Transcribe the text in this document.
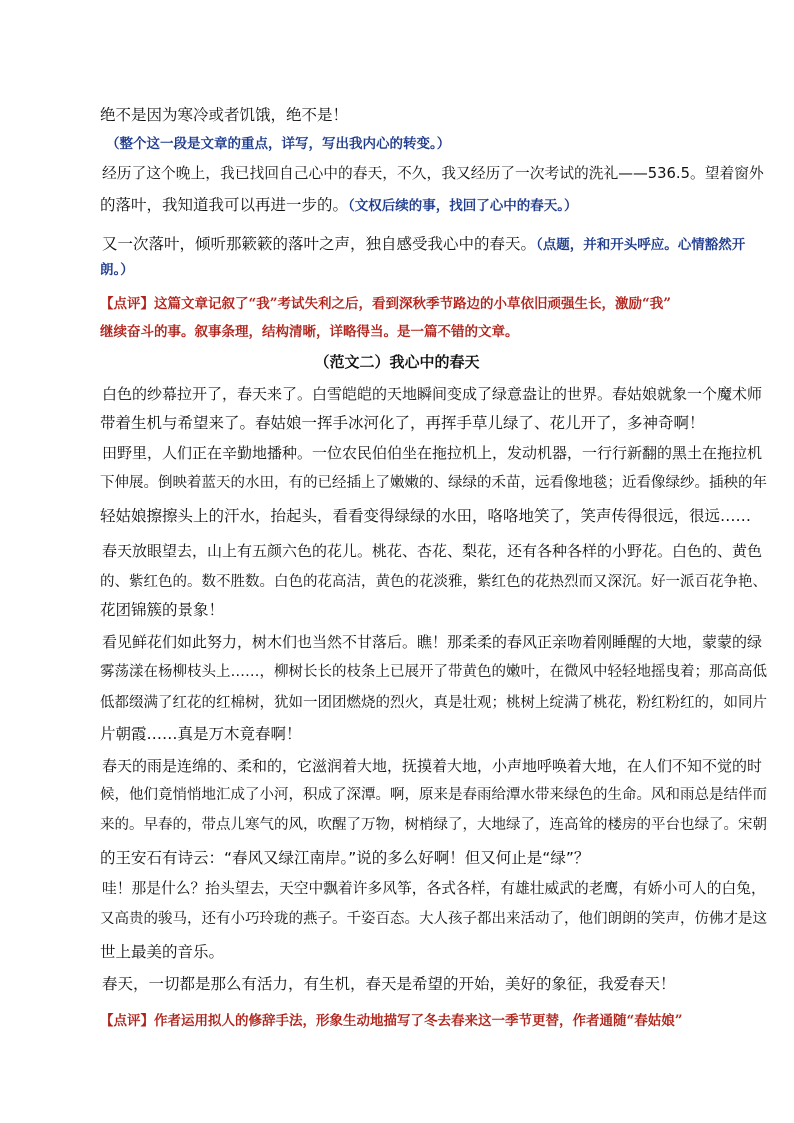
绝不是因为寒冷或者饥饿，绝不是！
（整个这一段是文章的重点，详写，写出我内心的转变。）
经历了这个晚上，我已找回自己心中的春天，不久，我又经历了一次考试的洗礼——536.5。望着窗外
的落叶，我知道我可以再进一步的。（文权后续的事，找回了心中的春天。）
又一次落叶，倾听那簌簌的落叶之声，独自感受我心中的春天。（点题，并和开头呼应。心情豁然开
朗。）
【点评】这篇文章记叙了“我”考试失利之后，看到深秋季节路边的小草依旧顽强生长，激励“我”
继续奋斗的事。叙事条理，结构清晰，详略得当。是一篇不错的文章。
（范文二）我心中的春天
白色的纱幕拉开了，春天来了。白雪皑皑的天地瞬间变成了绿意盎让的世界。春姑娘就象一个魔术师
带着生机与希望来了。春姑娘一挥手冰河化了，再挥手草儿绿了、花儿开了，多神奇啊！
田野里，人们正在辛勤地播种。一位农民伯伯坐在拖拉机上，发动机器，一行行新翻的黑土在拖拉机
下伸展。倒映着蓝天的水田，有的已经插上了嫩嫩的、绿绿的禾苗，远看像地毯；近看像绿纱。插秧的年
轻姑娘擦擦头上的汗水，抬起头，看看变得绿绿的水田，咯咯地笑了，笑声传得很远，很远……
春天放眼望去，山上有五颜六色的花儿。桃花、杏花、梨花，还有各种各样的小野花。白色的、黄色
的、紫红色的。数不胜数。白色的花高洁，黄色的花淡雅，紫红色的花热烈而又深沉。好一派百花争艳、
花团锦簇的景象！
看见鲜花们如此努力，树木们也当然不甘落后。瞧！那柔柔的春风正亲吻着刚睡醒的大地，蒙蒙的绿
雾荡漾在杨柳枝头上……，柳树长长的枝条上已展开了带黄色的嫩叶，在微风中轻轻地摇曳着；那高高低
低都缀满了红花的红棉树，犹如一团团燃烧的烈火，真是壮观；桃树上绽满了桃花，粉红粉红的，如同片
片朝霞……真是万木竟春啊！
春天的雨是连绵的、柔和的，它滋润着大地，抚摸着大地，小声地呼唤着大地，在人们不知不觉的时
候，他们竟悄悄地汇成了小河，积成了深潭。啊，原来是春雨给潭水带来绿色的生命。风和雨总是结伴而
来的。早春的，带点儿寒气的风，吹醒了万物，树梢绿了，大地绿了，连高耸的楼房的平台也绿了。宋朝
的王安石有诗云：“春风又绿江南岸。”说的多么好啊！但又何止是“绿”？
哇！那是什么？抬头望去，天空中飘着许多风筝，各式各样，有雄壮威武的老鹰，有娇小可人的白兔，
又高贵的骏马，还有小巧玲珑的燕子。千姿百态。大人孩子都出来活动了，他们朗朗的笑声，仿佛才是这
世上最美的音乐。
春天，一切都是那么有活力，有生机，春天是希望的开始，美好的象征，我爱春天！
【点评】作者运用拟人的修辞手法，形象生动地描写了冬去春来这一季节更替，作者通随“春姑娘”
